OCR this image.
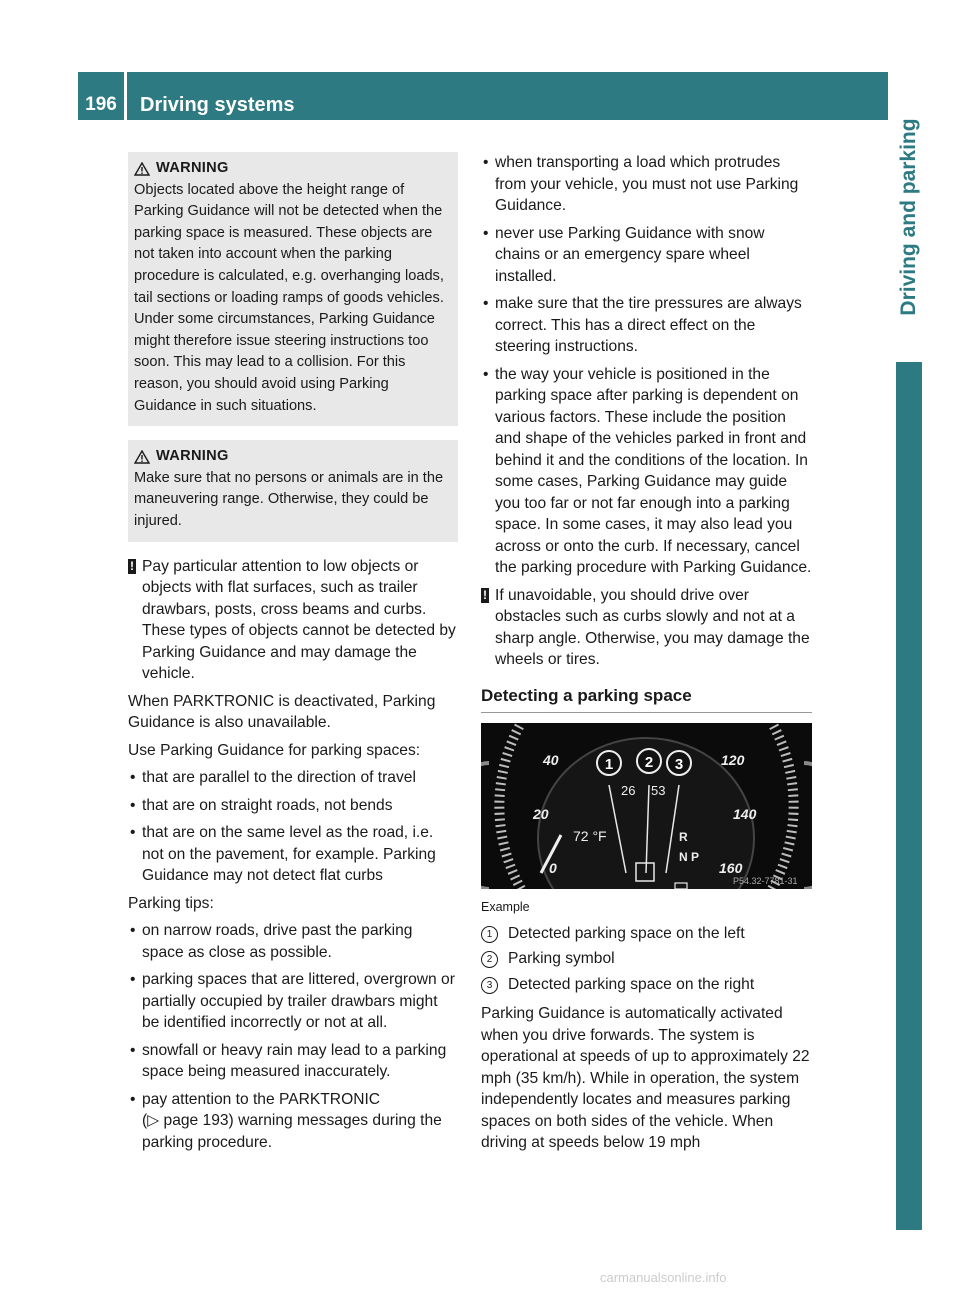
196	Driving systems
Driving and parking
WARNING
Objects located above the height range of Parking Guidance will not be detected when the parking space is measured. These objects are not taken into account when the parking procedure is calculated, e.g. overhanging loads, tail sections or loading ramps of goods vehicles. Under some circumstances, Parking Guidance might therefore issue steering instructions too soon. This may lead to a collision. For this reason, you should avoid using Parking Guidance in such situations.
WARNING
Make sure that no persons or animals are in the maneuvering range. Otherwise, they could be injured.
! Pay particular attention to low objects or objects with flat surfaces, such as trailer drawbars, posts, cross beams and curbs. These types of objects cannot be detected by Parking Guidance and may damage the vehicle.

When PARKTRONIC is deactivated, Parking Guidance is also unavailable.

Use Parking Guidance for parking spaces:

• that are parallel to the direction of travel
• that are on straight roads, not bends
• that are on the same level as the road, i.e. not on the pavement, for example. Parking Guidance may not detect flat curbs

Parking tips:

• on narrow roads, drive past the parking space as close as possible.
• parking spaces that are littered, overgrown or partially occupied by trailer drawbars might be identified incorrectly or not at all.
• snowfall or heavy rain may lead to a parking space being measured inaccurately.
• pay attention to the PARKTRONIC
(▷ page 193) warning messages during the parking procedure.
• when transporting a load which protrudes from your vehicle, you must not use Parking Guidance.
• never use Parking Guidance with snow chains or an emergency spare wheel installed.
• make sure that the tire pressures are always correct. This has a direct effect on the steering instructions.
• the way your vehicle is positioned in the parking space after parking is dependent on various factors. These include the position and shape of the vehicles parked in front and behind it and the conditions of the location. In some cases, Parking Guidance may guide you too far or not far enough into a parking space. In some cases, it may also lead you across or onto the curb. If necessary, cancel the parking procedure with Parking Guidance.
! If unavoidable, you should drive over obstacles such as curbs slowly and not at a sharp angle. Otherwise, you may damage the wheels or tires.
Detecting a parking space
1 2 3
40
20
0
120
140
160
72 °F
26 53
R
N P
P54.32-7781-31
Example
1	Detected parking space on the left
2	Parking symbol
3	Detected parking space on the right

Parking Guidance is automatically activated when you drive forwards. The system is operational at speeds of up to approximately 22 mph (35 km/h). While in operation, the system independently locates and measures parking spaces on both sides of the vehicle. When driving at speeds below 19 mph

carmanualsonline.info
